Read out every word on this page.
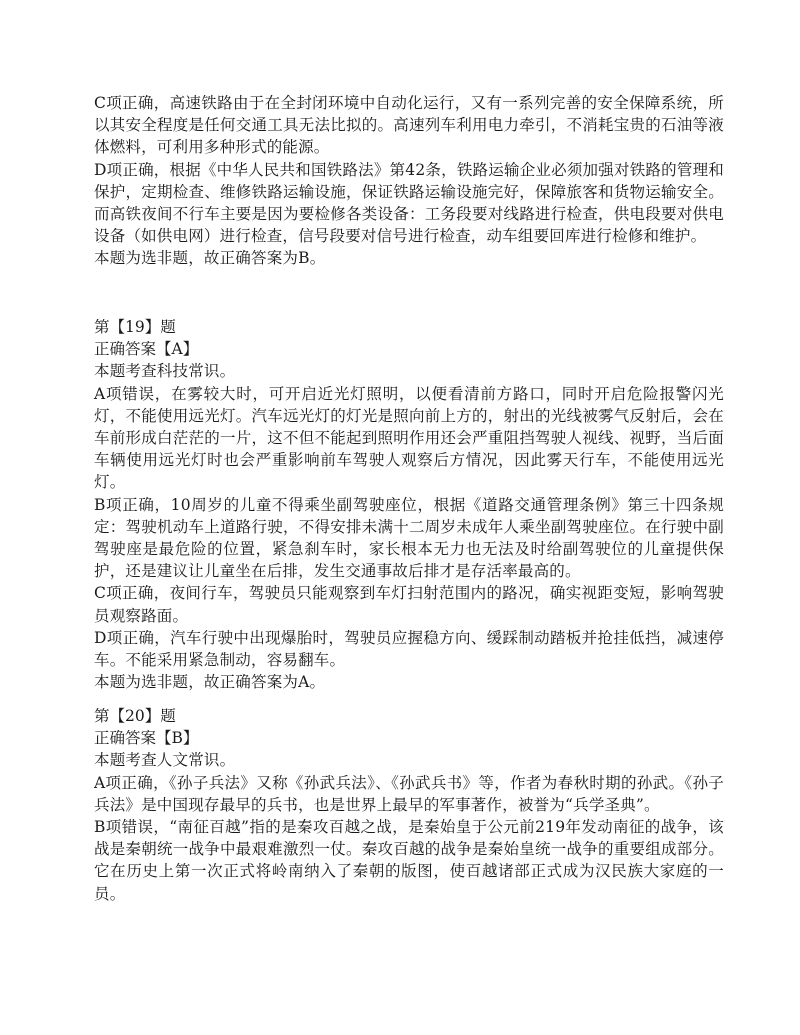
C项正确，高速铁路由于在全封闭环境中自动化运行，又有一系列完善的安全保障系统，所以其安全程度是任何交通工具无法比拟的。高速列车利用电力牵引，不消耗宝贵的石油等液体燃料，可利用多种形式的能源。

D项正确，根据《中华人民共和国铁路法》第42条，铁路运输企业必须加强对铁路的管理和保护，定期检查、维修铁路运输设施，保证铁路运输设施完好，保障旅客和货物运输安全。而高铁夜间不行车主要是因为要检修各类设备：工务段要对线路进行检查，供电段要对供电设备（如供电网）进行检查，信号段要对信号进行检查，动车组要回库进行检修和维护。

本题为选非题，故正确答案为B。

第【19】题

正确答案【A】

本题考查科技常识。

A项错误，在雾较大时，可开启近光灯照明，以便看清前方路口，同时开启危险报警闪光灯，不能使用远光灯。汽车远光灯的灯光是照向前上方的，射出的光线被雾气反射后，会在车前形成白茫茫的一片，这不但不能起到照明作用还会严重阻挡驾驶人视线、视野，当后面车辆使用远光灯时也会严重影响前车驾驶人观察后方情况，因此雾天行车，不能使用远光灯。

B项正确，10周岁的儿童不得乘坐副驾驶座位，根据《道路交通管理条例》第三十四条规定：驾驶机动车上道路行驶，不得安排未满十二周岁未成年人乘坐副驾驶座位。在行驶中副驾驶座是最危险的位置，紧急刹车时，家长根本无力也无法及时给副驾驶位的儿童提供保护，还是建议让儿童坐在后排，发生交通事故后排才是存活率最高的。

C项正确，夜间行车，驾驶员只能观察到车灯扫射范围内的路况，确实视距变短，影响驾驶员观察路面。

D项正确，汽车行驶中出现爆胎时，驾驶员应握稳方向、缓踩制动踏板并抢挂低挡，减速停车。不能采用紧急制动，容易翻车。

本题为选非题，故正确答案为A。

第【20】题

正确答案【B】

本题考查人文常识。

A项正确，《孙子兵法》又称《孙武兵法》、《孙武兵书》等，作者为春秋时期的孙武。《孙子兵法》是中国现存最早的兵书，也是世界上最早的军事著作，被誉为“兵学圣典”。

B项错误，“南征百越”指的是秦攻百越之战，是秦始皇于公元前219年发动南征的战争，该战是秦朝统一战争中最艰难激烈一仗。秦攻百越的战争是秦始皇统一战争的重要组成部分。它在历史上第一次正式将岭南纳入了秦朝的版图，使百越诸部正式成为汉民族大家庭的一员。
